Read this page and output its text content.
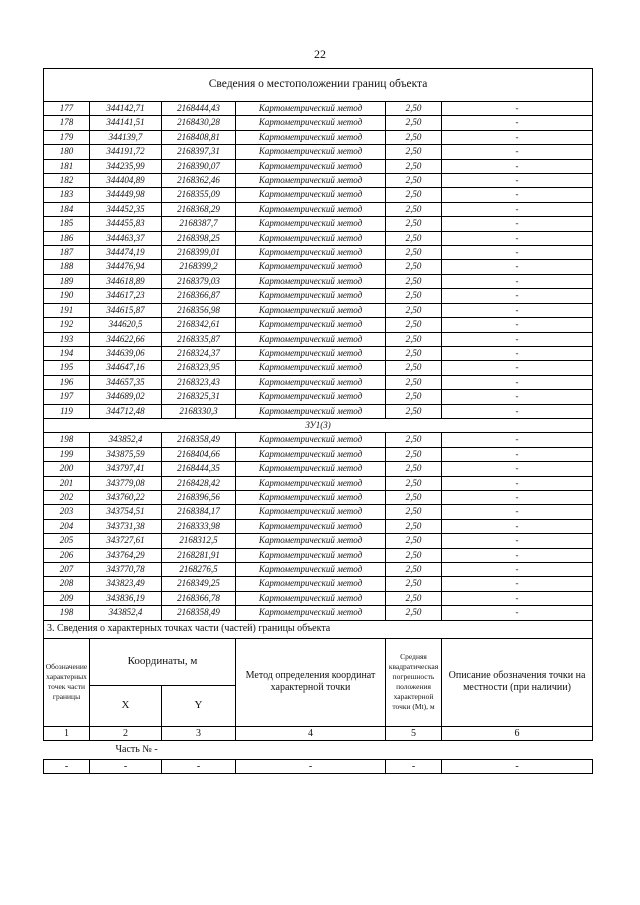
22
Сведения о местоположении границ объекта					
177	344142,71	2168444,43	Картометрический метод	2,50	-
178	344141,51	2168430,28	Картометрический метод	2,50	-
179	344139,7	2168408,81	Картометрический метод	2,50	-
180	344191,72	2168397,31	Картометрический метод	2,50	-
181	344235,99	2168390,07	Картометрический метод	2,50	-
182	344404,89	2168362,46	Картометрический метод	2,50	-
183	344449,98	2168355,09	Картометрический метод	2,50	-
184	344452,35	2168368,29	Картометрический метод	2,50	-
185	344455,83	2168387,7	Картометрический метод	2,50	-
186	344463,37	2168398,25	Картометрический метод	2,50	-
187	344474,19	2168399,01	Картометрический метод	2,50	-
188	344476,94	2168399,2	Картометрический метод	2,50	-
189	344618,89	2168379,03	Картометрический метод	2,50	-
190	344617,23	2168366,87	Картометрический метод	2,50	-
191	344615,87	2168356,98	Картометрический метод	2,50	-
192	344620,5	2168342,61	Картометрический метод	2,50	-
193	344622,66	2168335,87	Картометрический метод	2,50	-
194	344639,06	2168324,37	Картометрический метод	2,50	-
195	344647,16	2168323,95	Картометрический метод	2,50	-
196	344657,35	2168323,43	Картометрический метод	2,50	-
197	344689,02	2168325,31	Картометрический метод	2,50	-
119	344712,48	2168330,3	Картометрический метод	2,50	-
ЗУ1(3)					
198	343852,4	2168358,49	Картометрический метод	2,50	-
199	343875,59	2168404,66	Картометрический метод	2,50	-
200	343797,41	2168444,35	Картометрический метод	2,50	-
201	343779,08	2168428,42	Картометрический метод	2,50	-
202	343760,22	2168396,56	Картометрический метод	2,50	-
203	343754,51	2168384,17	Картометрический метод	2,50	-
204	343731,38	2168333,98	Картометрический метод	2,50	-
205	343727,61	2168312,5	Картометрический метод	2,50	-
206	343764,29	2168281,91	Картометрический метод	2,50	-
207	343770,78	2168276,5	Картометрический метод	2,50	-
208	343823,49	2168349,25	Картометрический метод	2,50	-
209	343836,19	2168366,78	Картометрический метод	2,50	-
198	343852,4	2168358,49	Картометрический метод	2,50	-
3. Сведения о характерных точках части (частей) границы объекта					
Обозначение характерных точек части границы	Координаты, м		Метод определения координат характерной точки	Средняя квадратическая погрешность положения характерной точки (Мt), м	Описание обозначения точки на местности (при наличии)
	X	Y			
1	2	3	4	5	6
Часть № -					
-	-	-	-	-	-
